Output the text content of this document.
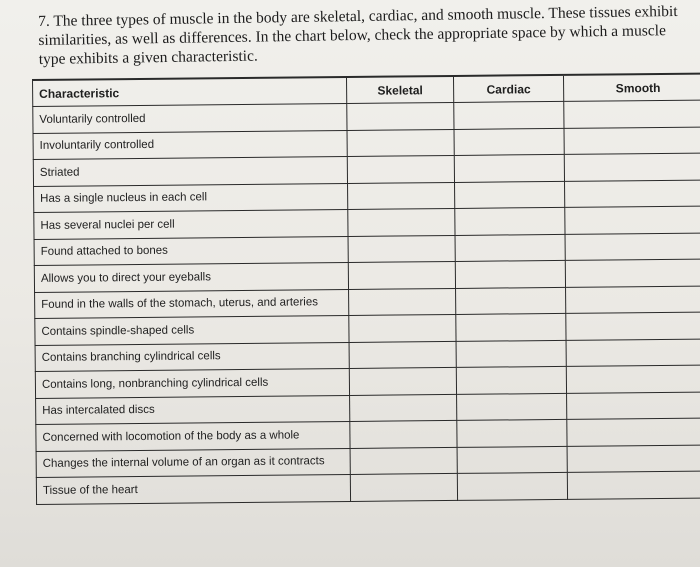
7. The three types of muscle in the body are skeletal, cardiac, and smooth muscle. These tissues exhibit similarities, as well as differences. In the chart below, check the appropriate space by which a muscle type exhibits a given characteristic.
Characteristic	Skeletal	Cardiac	Smooth
Voluntarily controlled			
Involuntarily controlled			
Striated			
Has a single nucleus in each cell			
Has several nuclei per cell			
Found attached to bones			
Allows you to direct your eyeballs			
Found in the walls of the stomach, uterus, and arteries			
Contains spindle-shaped cells			
Contains branching cylindrical cells			
Contains long, nonbranching cylindrical cells			
Has intercalated discs			
Concerned with locomotion of the body as a whole			
Changes the internal volume of an organ as it contracts			
Tissue of the heart			
